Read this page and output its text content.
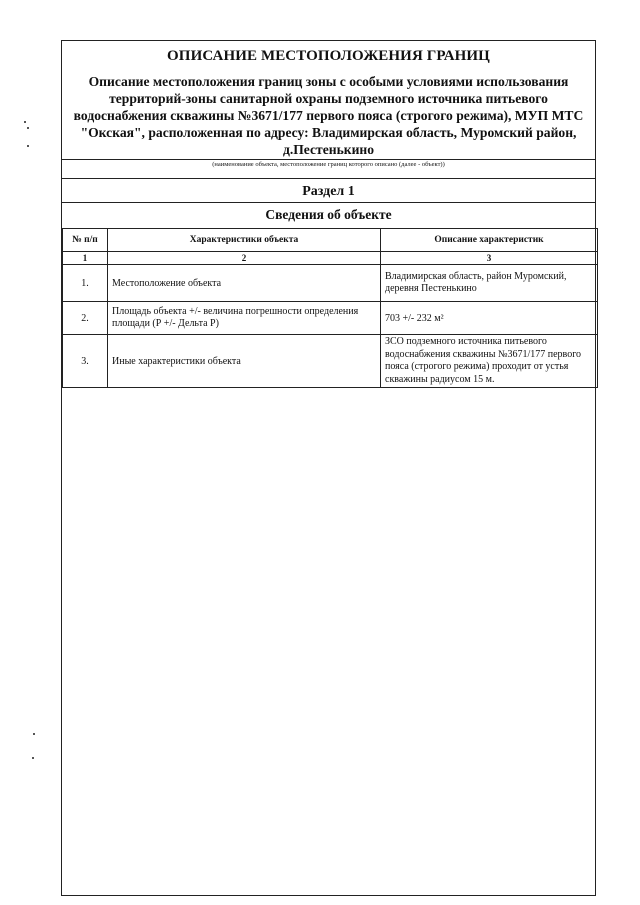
ОПИСАНИЕ МЕСТОПОЛОЖЕНИЯ ГРАНИЦ
Описание местоположения границ зоны с особыми условиями использования территорий-зоны санитарной охраны подземного источника питьевого водоснабжения скважины №3671/177 первого пояса (строгого режима), МУП МТС "Окская", расположенная по адресу: Владимирская область, Муромский район, д.Пестенькино
(наименование объекта, местоположение границ которого описано (далее - объект))
Раздел 1
Сведения об объекте
№ п/п	Характеристики объекта	Описание характеристик
1	2	3
1.	Местоположение объекта	Владимирская область, район Муромский, деревня Пестенькино
2.	Площадь объекта +/- величина погрешности определения площади (Р +/- Дельта Р)	703 +/- 232 м²
3.	Иные характеристики объекта	ЗСО подземного источника питьевого водоснабжения скважины №3671/177 первого пояса (строгого режима) проходит от устья скважины радиусом 15 м.
